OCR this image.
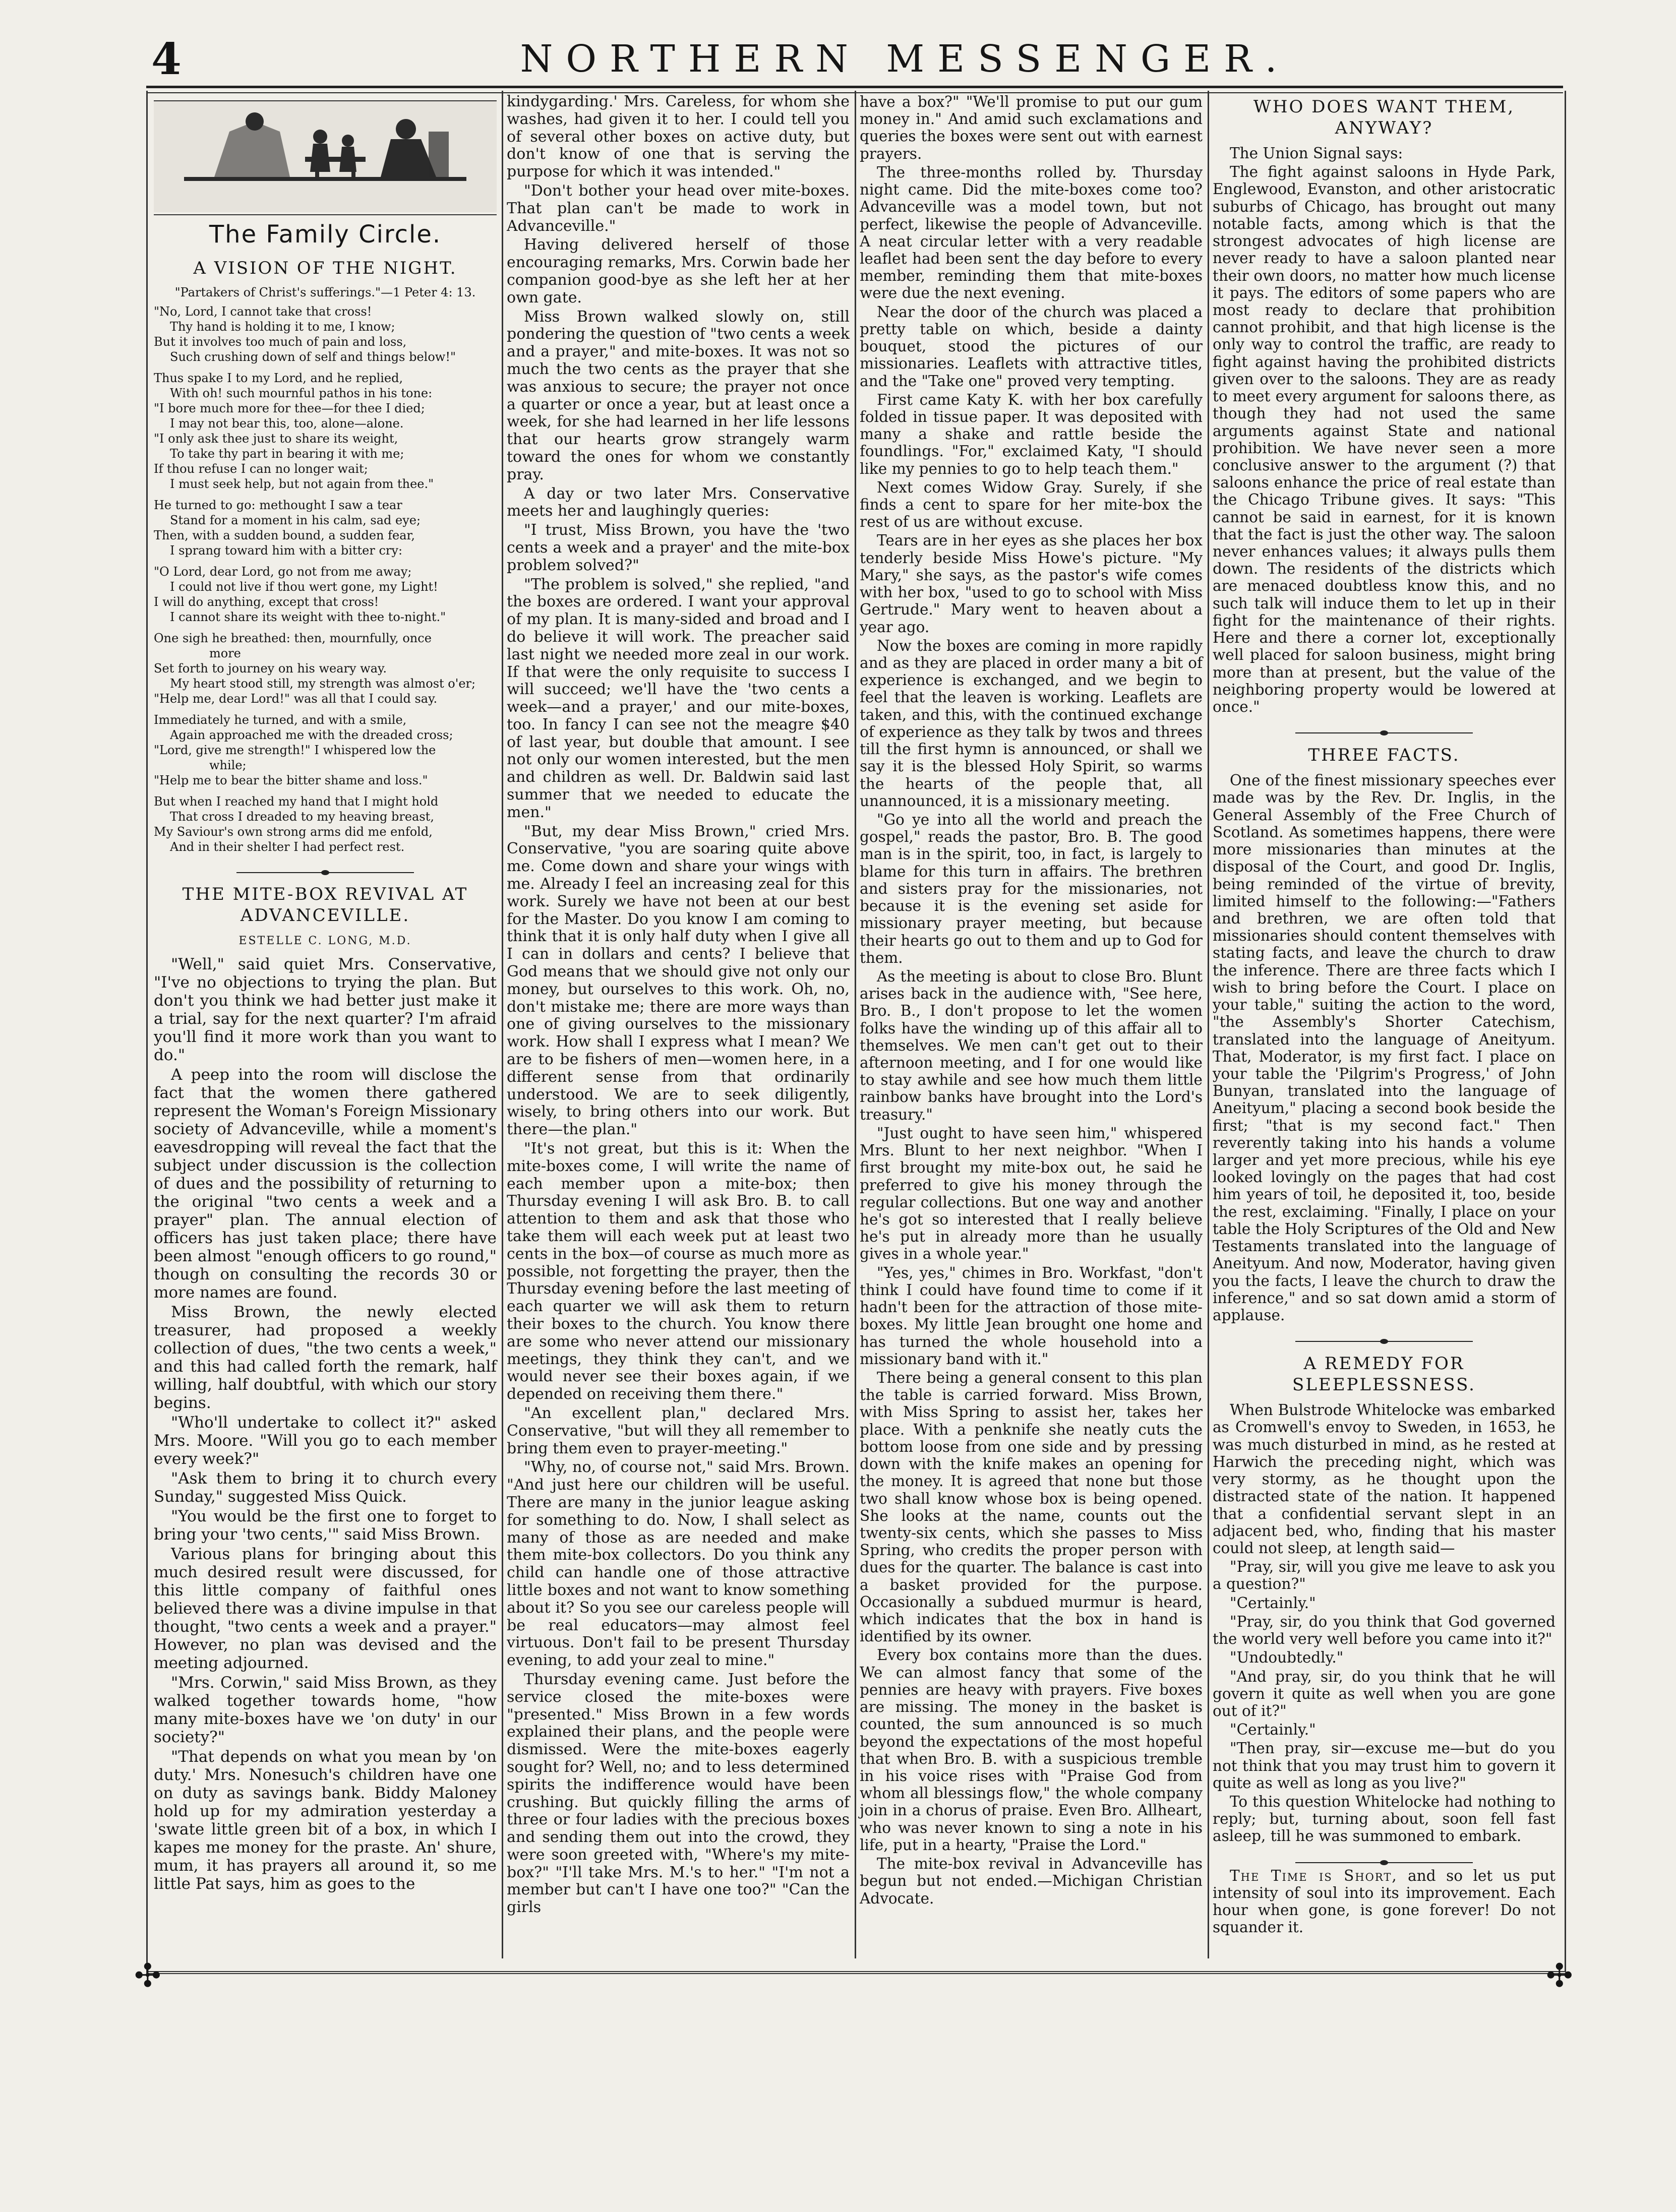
4	NORTHERN MESSENGER.
✣	✣
The Family Circle.
A VISION OF THE NIGHT.
"Partakers of Christ's sufferings."—1 Peter 4: 13.
"No, Lord, I cannot take that cross!
Thy hand is holding it to me, I know;
But it involves too much of pain and loss,
Such crushing down of self and things below!"
Thus spake I to my Lord, and he replied,
With oh! such mournful pathos in his tone:
"I bore much more for thee—for thee I died;
I may not bear this, too, alone—alone.
"I only ask thee just to share its weight,
To take thy part in bearing it with me;
If thou refuse I can no longer wait;
I must seek help, but not again from thee."
He turned to go: methought I saw a tear
Stand for a moment in his calm, sad eye;
Then, with a sudden bound, a sudden fear,
I sprang toward him with a bitter cry:
"O Lord, dear Lord, go not from me away;
I could not live if thou wert gone, my Light!
I will do anything, except that cross!
I cannot share its weight with thee to-night."
One sigh he breathed: then, mournfully, once
more
Set forth to journey on his weary way.
My heart stood still, my strength was almost o'er;
"Help me, dear Lord!" was all that I could say.
Immediately he turned, and with a smile,
Again approached me with the dreaded cross;
"Lord, give me strength!" I whispered low the
while;
"Help me to bear the bitter shame and loss."
But when I reached my hand that I might hold
That cross I dreaded to my heaving breast,
My Saviour's own strong arms did me enfold,
And in their shelter I had perfect rest.
THE MITE-BOX REVIVAL AT ADVANCEVILLE.
ESTELLE C. LONG, M.D.

"Well," said quiet Mrs. Conservative, "I've no objections to trying the plan. But don't you think we had better just make it a trial, say for the next quarter? I'm afraid you'll find it more work than you want to do."

A peep into the room will disclose the fact that the women there gathered represent the Woman's Foreign Missionary society of Advanceville, while a moment's eavesdropping will reveal the fact that the subject under discussion is the collection of dues and the possibility of returning to the original "two cents a week and a prayer" plan. The annual election of officers has just taken place; there have been almost "enough officers to go round," though on consulting the records 30 or more names are found.

Miss Brown, the newly elected treasurer, had proposed a weekly collection of dues, "the two cents a week," and this had called forth the remark, half willing, half doubtful, with which our story begins.

"Who'll undertake to collect it?" asked Mrs. Moore. "Will you go to each member every week?"

"Ask them to bring it to church every Sunday," suggested Miss Quick.

"You would be the first one to forget to bring your 'two cents,'" said Miss Brown.

Various plans for bringing about this much desired result were discussed, for this little company of faithful ones believed there was a divine impulse in that thought, "two cents a week and a prayer." However, no plan was devised and the meeting adjourned.

"Mrs. Corwin," said Miss Brown, as they walked together towards home, "how many mite-boxes have we 'on duty' in our society?"

"That depends on what you mean by 'on duty.' Mrs. Nonesuch's children have one on duty as savings bank. Biddy Maloney hold up for my admiration yesterday a 'swate little green bit of a box, in which I kapes me money for the praste. An' shure, mum, it has prayers all around it, so me little Pat says, him as goes to the

kindygarding.' Mrs. Careless, for whom she washes, had given it to her. I could tell you of several other boxes on active duty, but don't know of one that is serving the purpose for which it was intended."

"Don't bother your head over mite-boxes. That plan can't be made to work in Advanceville."

Having delivered herself of those encouraging remarks, Mrs. Corwin bade her companion good-bye as she left her at her own gate.

Miss Brown walked slowly on, still pondering the question of "two cents a week and a prayer," and mite-boxes. It was not so much the two cents as the prayer that she was anxious to secure; the prayer not once a quarter or once a year, but at least once a week, for she had learned in her life lessons that our hearts grow strangely warm toward the ones for whom we constantly pray.

A day or two later Mrs. Conservative meets her and laughingly queries:

"I trust, Miss Brown, you have the 'two cents a week and a prayer' and the mite-box problem solved?"

"The problem is solved," she replied, "and the boxes are ordered. I want your approval of my plan. It is many-sided and broad and I do believe it will work. The preacher said last night we needed more zeal in our work. If that were the only requisite to success I will succeed; we'll have the 'two cents a week—and a prayer,' and our mite-boxes, too. In fancy I can see not the meagre $40 of last year, but double that amount. I see not only our women interested, but the men and children as well. Dr. Baldwin said last summer that we needed to educate the men."

"But, my dear Miss Brown," cried Mrs. Conservative, "you are soaring quite above me. Come down and share your wings with me. Already I feel an increasing zeal for this work. Surely we have not been at our best for the Master. Do you know I am coming to think that it is only half duty when I give all I can in dollars and cents? I believe that God means that we should give not only our money, but ourselves to this work. Oh, no, don't mistake me; there are more ways than one of giving ourselves to the missionary work. How shall I express what I mean? We are to be fishers of men—women here, in a different sense from that ordinarily understood. We are to seek diligently, wisely, to bring others into our work. But there—the plan."

"It's not great, but this is it: When the mite-boxes come, I will write the name of each member upon a mite-box; then Thursday evening I will ask Bro. B. to call attention to them and ask that those who take them will each week put at least two cents in the box—of course as much more as possible, not forgetting the prayer, then the Thursday evening before the last meeting of each quarter we will ask them to return their boxes to the church. You know there are some who never attend our missionary meetings, they think they can't, and we would never see their boxes again, if we depended on receiving them there."

"An excellent plan," declared Mrs. Conservative, "but will they all remember to bring them even to prayer-meeting."

"Why, no, of course not," said Mrs. Brown. "And just here our children will be useful. There are many in the junior league asking for something to do. Now, I shall select as many of those as are needed and make them mite-box collectors. Do you think any child can handle one of those attractive little boxes and not want to know something about it? So you see our careless people will be real educators—may almost feel virtuous. Don't fail to be present Thursday evening, to add your zeal to mine."

Thursday evening came. Just before the service closed the mite-boxes were "presented." Miss Brown in a few words explained their plans, and the people were dismissed. Were the mite-boxes eagerly sought for? Well, no; and to less determined spirits the indifference would have been crushing. But quickly filling the arms of three or four ladies with the precious boxes and sending them out into the crowd, they were soon greeted with, "Where's my mite-box?" "I'll take Mrs. M.'s to her." "I'm not a member but can't I have one too?" "Can the girls

have a box?" "We'll promise to put our gum money in." And amid such exclamations and queries the boxes were sent out with earnest prayers.

The three-months rolled by. Thursday night came. Did the mite-boxes come too? Advanceville was a model town, but not perfect, likewise the people of Advanceville. A neat circular letter with a very readable leaflet had been sent the day before to every member, reminding them that mite-boxes were due the next evening.

Near the door of the church was placed a pretty table on which, beside a dainty bouquet, stood the pictures of our missionaries. Leaflets with attractive titles, and the "Take one" proved very tempting.

First came Katy K. with her box carefully folded in tissue paper. It was deposited with many a shake and rattle beside the foundlings. "For," exclaimed Katy, "I should like my pennies to go to help teach them."

Next comes Widow Gray. Surely, if she finds a cent to spare for her mite-box the rest of us are without excuse.

Tears are in her eyes as she places her box tenderly beside Miss Howe's picture. "My Mary," she says, as the pastor's wife comes with her box, "used to go to school with Miss Gertrude." Mary went to heaven about a year ago.

Now the boxes are coming in more rapidly and as they are placed in order many a bit of experience is exchanged, and we begin to feel that the leaven is working. Leaflets are taken, and this, with the continued exchange of experience as they talk by twos and threes till the first hymn is announced, or shall we say it is the blessed Holy Spirit, so warms the hearts of the people that, all unannounced, it is a missionary meeting.

"Go ye into all the world and preach the gospel," reads the pastor, Bro. B. The good man is in the spirit, too, in fact, is largely to blame for this turn in affairs. The brethren and sisters pray for the missionaries, not because it is the evening set aside for missionary prayer meeting, but because their hearts go out to them and up to God for them.

As the meeting is about to close Bro. Blunt arises back in the audience with, "See here, Bro. B., I don't propose to let the women folks have the winding up of this affair all to themselves. We men can't get out to their afternoon meeting, and I for one would like to stay awhile and see how much them little rainbow banks have brought into the Lord's treasury."

"Just ought to have seen him," whispered Mrs. Blunt to her next neighbor. "When I first brought my mite-box out, he said he preferred to give his money through the regular collections. But one way and another he's got so interested that I really believe he's put in already more than he usually gives in a whole year."

"Yes, yes," chimes in Bro. Workfast, "don't think I could have found time to come if it hadn't been for the attraction of those mite-boxes. My little Jean brought one home and has turned the whole household into a missionary band with it."

There being a general consent to this plan the table is carried forward. Miss Brown, with Miss Spring to assist her, takes her place. With a penknife she neatly cuts the bottom loose from one side and by pressing down with the knife makes an opening for the money. It is agreed that none but those two shall know whose box is being opened. She looks at the name, counts out the twenty-six cents, which she passes to Miss Spring, who credits the proper person with dues for the quarter. The balance is cast into a basket provided for the purpose. Occasionally a subdued murmur is heard, which indicates that the box in hand is identified by its owner.

Every box contains more than the dues. We can almost fancy that some of the pennies are heavy with prayers. Five boxes are missing. The money in the basket is counted, the sum announced is so much beyond the expectations of the most hopeful that when Bro. B. with a suspicious tremble in his voice rises with "Praise God from whom all blessings flow," the whole company join in a chorus of praise. Even Bro. Allheart, who was never known to sing a note in his life, put in a hearty, "Praise the Lord."

The mite-box revival in Advanceville has begun but not ended.—Michigan Christian Advocate.

WHO DOES WANT THEM, ANYWAY?

The Union Signal says:

The fight against saloons in Hyde Park, Englewood, Evanston, and other aristocratic suburbs of Chicago, has brought out many notable facts, among which is that the strongest advocates of high license are never ready to have a saloon planted near their own doors, no matter how much license it pays. The editors of some papers who are most ready to declare that prohibition cannot prohibit, and that high license is the only way to control the traffic, are ready to fight against having the prohibited districts given over to the saloons. They are as ready to meet every argument for saloons there, as though they had not used the same arguments against State and national prohibition. We have never seen a more conclusive answer to the argument (?) that saloons enhance the price of real estate than the Chicago Tribune gives. It says: "This cannot be said in earnest, for it is known that the fact is just the other way. The saloon never enhances values; it always pulls them down. The residents of the districts which are menaced doubtless know this, and no such talk will induce them to let up in their fight for the maintenance of their rights. Here and there a corner lot, exceptionally well placed for saloon business, might bring more than at present, but the value of the neighboring property would be lowered at once."

THREE FACTS.

One of the finest missionary speeches ever made was by the Rev. Dr. Inglis, in the General Assembly of the Free Church of Scotland. As sometimes happens, there were more missionaries than minutes at the disposal of the Court, and good Dr. Inglis, being reminded of the virtue of brevity, limited himself to the following:—"Fathers and brethren, we are often told that missionaries should content themselves with stating facts, and leave the church to draw the inference. There are three facts which I wish to bring before the Court. I place on your table," suiting the action to the word, "the Assembly's Shorter Catechism, translated into the language of Aneityum. That, Moderator, is my first fact. I place on your table the 'Pilgrim's Progress,' of John Bunyan, translated into the language of Aneityum," placing a second book beside the first; "that is my second fact." Then reverently taking into his hands a volume larger and yet more precious, while his eye looked lovingly on the pages that had cost him years of toil, he deposited it, too, beside the rest, exclaiming. "Finally, I place on your table the Holy Scriptures of the Old and New Testaments translated into the language of Aneityum. And now, Moderator, having given you the facts, I leave the church to draw the inference," and so sat down amid a storm of applause.

A REMEDY FOR SLEEPLESSNESS.

When Bulstrode Whitelocke was embarked as Cromwell's envoy to Sweden, in 1653, he was much disturbed in mind, as he rested at Harwich the preceding night, which was very stormy, as he thought upon the distracted state of the nation. It happened that a confidential servant slept in an adjacent bed, who, finding that his master could not sleep, at length said—

"Pray, sir, will you give me leave to ask you a question?"

"Certainly."

"Pray, sir, do you think that God governed the world very well before you came into it?"

"Undoubtedly."

"And pray, sir, do you think that he will govern it quite as well when you are gone out of it?"

"Certainly."

"Then pray, sir—excuse me—but do you not think that you may trust him to govern it quite as well as long as you live?"

To this question Whitelocke had nothing to reply; but, turning about, soon fell fast asleep, till he was summoned to embark.

The Time is Short, and so let us put intensity of soul into its improvement. Each hour when gone, is gone forever! Do not squander it.
